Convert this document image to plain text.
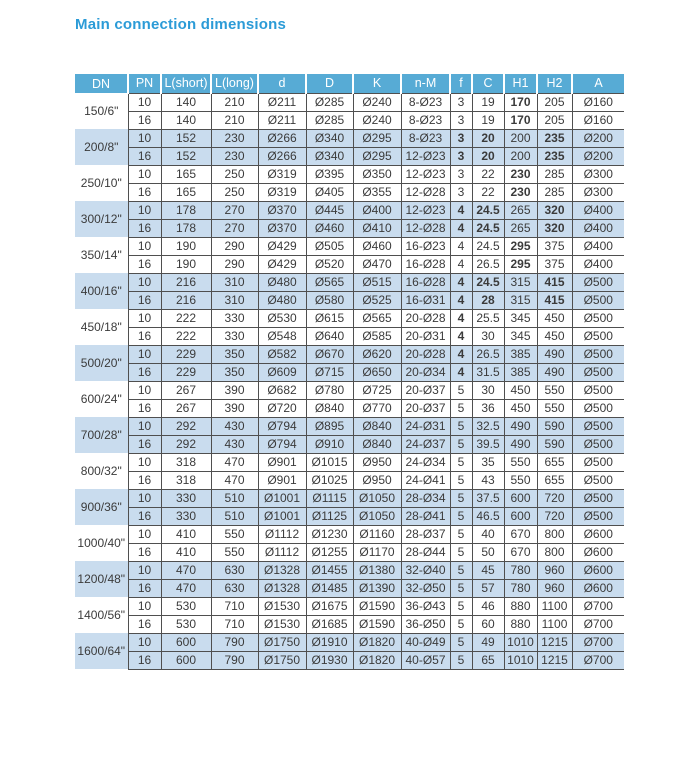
Main connection dimensions
DN	PN	L(short)	L(long)	d	D	K	n-M	f	C	H1	H2	A
150/6"	10	140	210	Ø211	Ø285	Ø240	8-Ø23	3	19	170	205	Ø160
	16	140	210	Ø211	Ø285	Ø240	8-Ø23	3	19	170	205	Ø160
200/8"	10	152	230	Ø266	Ø340	Ø295	8-Ø23	3	20	200	235	Ø200
	16	152	230	Ø266	Ø340	Ø295	12-Ø23	3	20	200	235	Ø200
250/10"	10	165	250	Ø319	Ø395	Ø350	12-Ø23	3	22	230	285	Ø300
	16	165	250	Ø319	Ø405	Ø355	12-Ø28	3	22	230	285	Ø300
300/12"	10	178	270	Ø370	Ø445	Ø400	12-Ø23	4	24.5	265	320	Ø400
	16	178	270	Ø370	Ø460	Ø410	12-Ø28	4	24.5	265	320	Ø400
350/14"	10	190	290	Ø429	Ø505	Ø460	16-Ø23	4	24.5	295	375	Ø400
	16	190	290	Ø429	Ø520	Ø470	16-Ø28	4	26.5	295	375	Ø400
400/16"	10	216	310	Ø480	Ø565	Ø515	16-Ø28	4	24.5	315	415	Ø500
	16	216	310	Ø480	Ø580	Ø525	16-Ø31	4	28	315	415	Ø500
450/18"	10	222	330	Ø530	Ø615	Ø565	20-Ø28	4	25.5	345	450	Ø500
	16	222	330	Ø548	Ø640	Ø585	20-Ø31	4	30	345	450	Ø500
500/20"	10	229	350	Ø582	Ø670	Ø620	20-Ø28	4	26.5	385	490	Ø500
	16	229	350	Ø609	Ø715	Ø650	20-Ø34	4	31.5	385	490	Ø500
600/24"	10	267	390	Ø682	Ø780	Ø725	20-Ø37	5	30	450	550	Ø500
	16	267	390	Ø720	Ø840	Ø770	20-Ø37	5	36	450	550	Ø500
700/28"	10	292	430	Ø794	Ø895	Ø840	24-Ø31	5	32.5	490	590	Ø500
	16	292	430	Ø794	Ø910	Ø840	24-Ø37	5	39.5	490	590	Ø500
800/32"	10	318	470	Ø901	Ø1015	Ø950	24-Ø34	5	35	550	655	Ø500
	16	318	470	Ø901	Ø1025	Ø950	24-Ø41	5	43	550	655	Ø500
900/36"	10	330	510	Ø1001	Ø1115	Ø1050	28-Ø34	5	37.5	600	720	Ø500
	16	330	510	Ø1001	Ø1125	Ø1050	28-Ø41	5	46.5	600	720	Ø500
1000/40"	10	410	550	Ø1112	Ø1230	Ø1160	28-Ø37	5	40	670	800	Ø600
	16	410	550	Ø1112	Ø1255	Ø1170	28-Ø44	5	50	670	800	Ø600
1200/48"	10	470	630	Ø1328	Ø1455	Ø1380	32-Ø40	5	45	780	960	Ø600
	16	470	630	Ø1328	Ø1485	Ø1390	32-Ø50	5	57	780	960	Ø600
1400/56"	10	530	710	Ø1530	Ø1675	Ø1590	36-Ø43	5	46	880	1100	Ø700
	16	530	710	Ø1530	Ø1685	Ø1590	36-Ø50	5	60	880	1100	Ø700
1600/64"	10	600	790	Ø1750	Ø1910	Ø1820	40-Ø49	5	49	1010	1215	Ø700
	16	600	790	Ø1750	Ø1930	Ø1820	40-Ø57	5	65	1010	1215	Ø700
